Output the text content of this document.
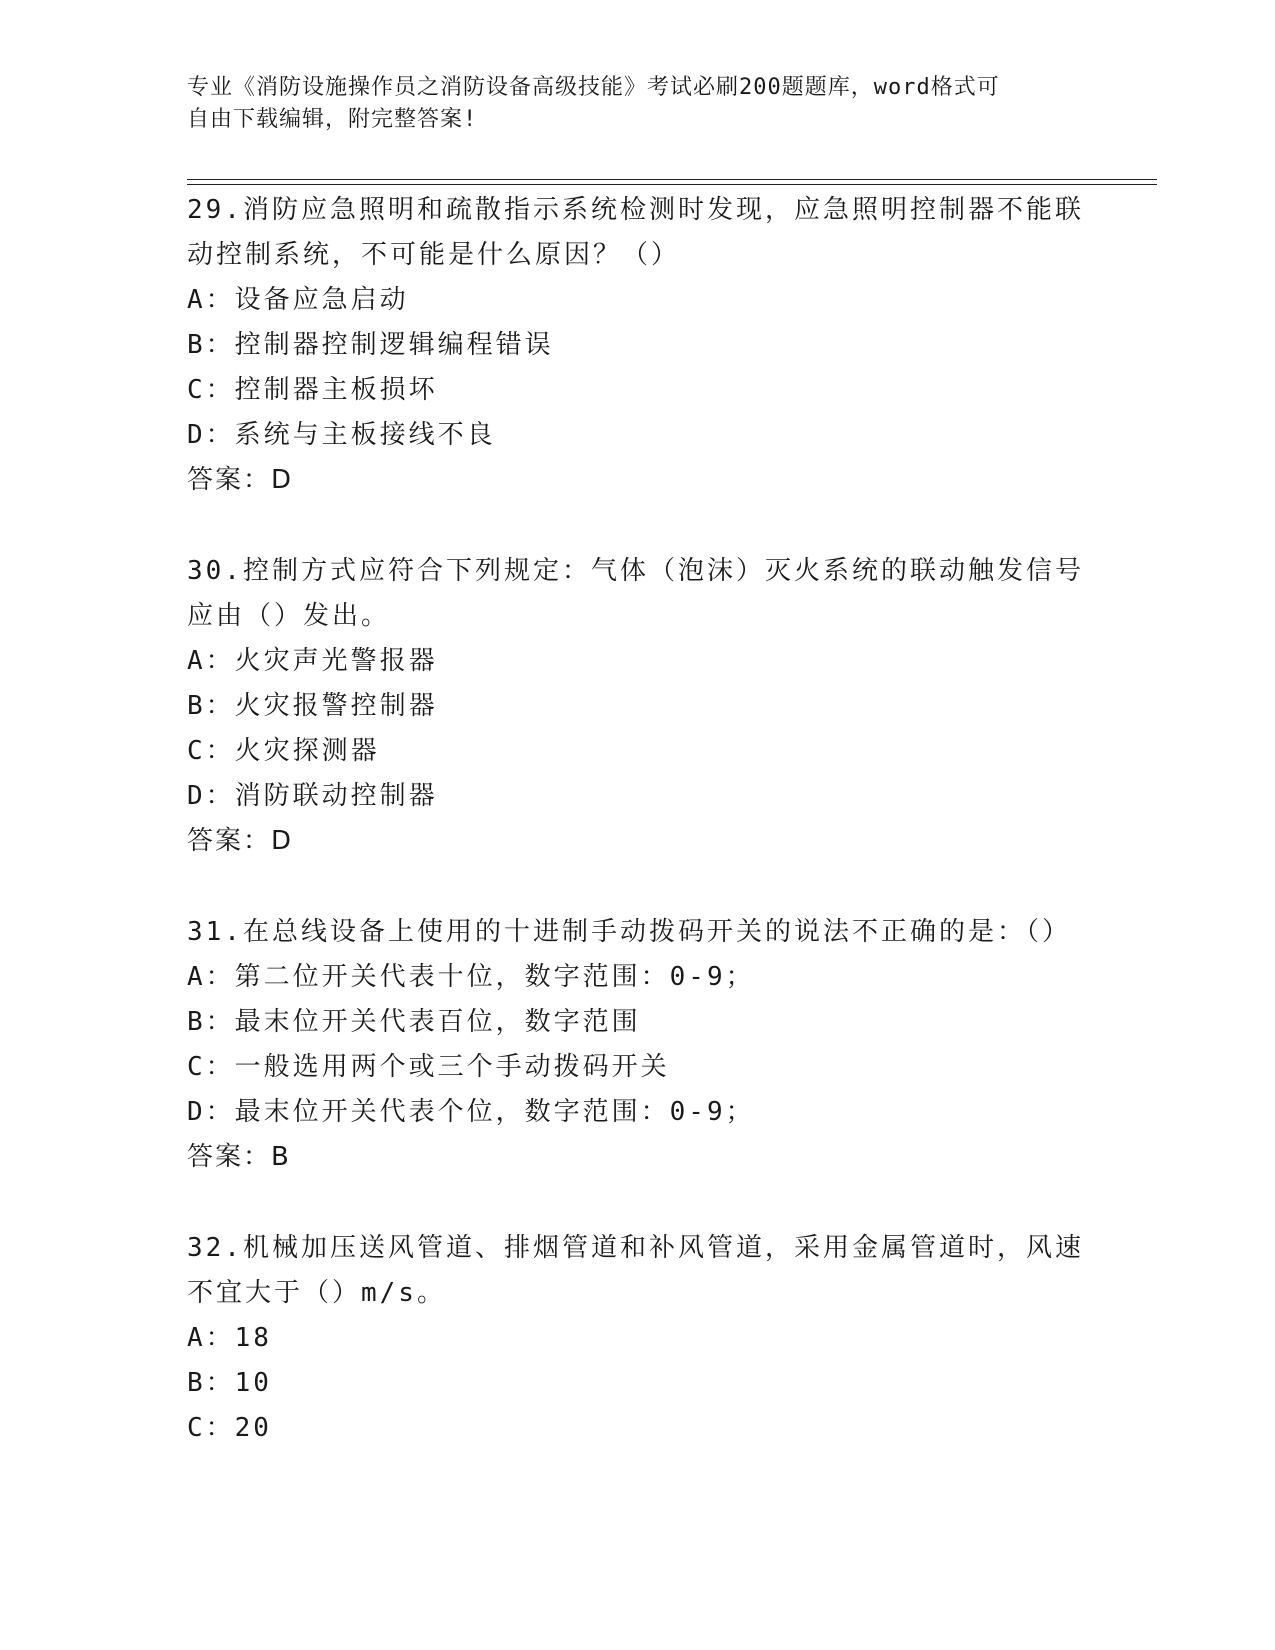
专业《消防设施操作员之消防设备高级技能》考试必刷200题题库，word格式可
自由下载编辑，附完整答案!
29.消防应急照明和疏散指示系统检测时发现，应急照明控制器不能联
动控制系统，不可能是什么原因？（）
A：设备应急启动
B：控制器控制逻辑编程错误
C：控制器主板损坏
D：系统与主板接线不良
答案：D
30.控制方式应符合下列规定：气体（泡沫）灭火系统的联动触发信号
应由（）发出。
A：火灾声光警报器
B：火灾报警控制器
C：火灾探测器
D：消防联动控制器
答案：D
31.在总线设备上使用的十进制手动拨码开关的说法不正确的是：（）
A：第二位开关代表十位，数字范围：0-9；
B：最末位开关代表百位，数字范围
C：一般选用两个或三个手动拨码开关
D：最末位开关代表个位，数字范围：0-9；
答案：B
32.机械加压送风管道、排烟管道和补风管道，采用金属管道时，风速
不宜大于（）m/s。
A：18
B：10
C：20
